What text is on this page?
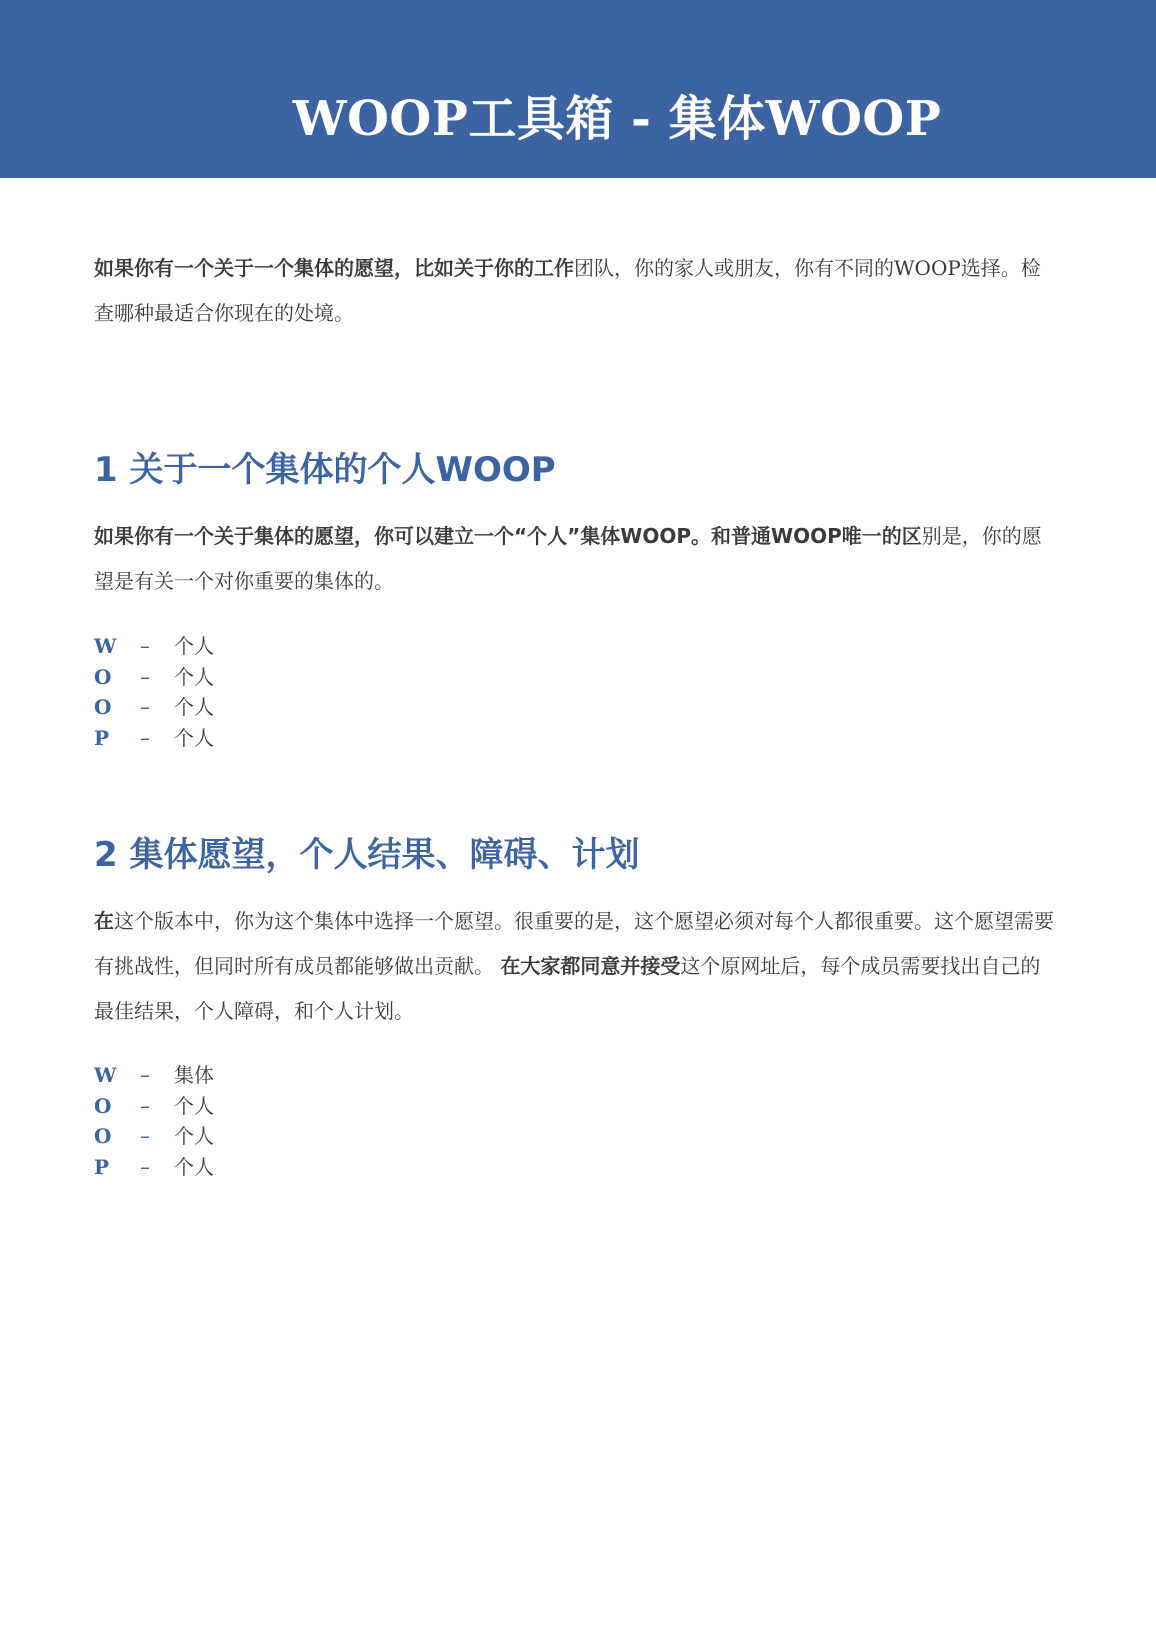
WOOP工具箱 - 集体WOOP

如果你有一个关于一个集体的愿望，比如关于你的工作团队，你的家人或朋友，你有不同的WOOP选择。检查哪种最适合你现在的处境。

1 关于一个集体的个人WOOP

如果你有一个关于集体的愿望，你可以建立一个“个人”集体WOOP。和普通WOOP唯一的区别是，你的愿望是有关一个对你重要的集体的。

W	–	个人
O	–	个人
O	–	个人
P	–	个人
2 集体愿望，个人结果、障碍、计划

在这个版本中，你为这个集体中选择一个愿望。很重要的是，这个愿望必须对每个人都很重要。这个愿望需要有挑战性，但同时所有成员都能够做出贡献。 在大家都同意并接受这个原网址后，每个成员需要找出自己的最佳结果，个人障碍，和个人计划。

W	–	集体
O	–	个人
O	–	个人
P	–	个人
